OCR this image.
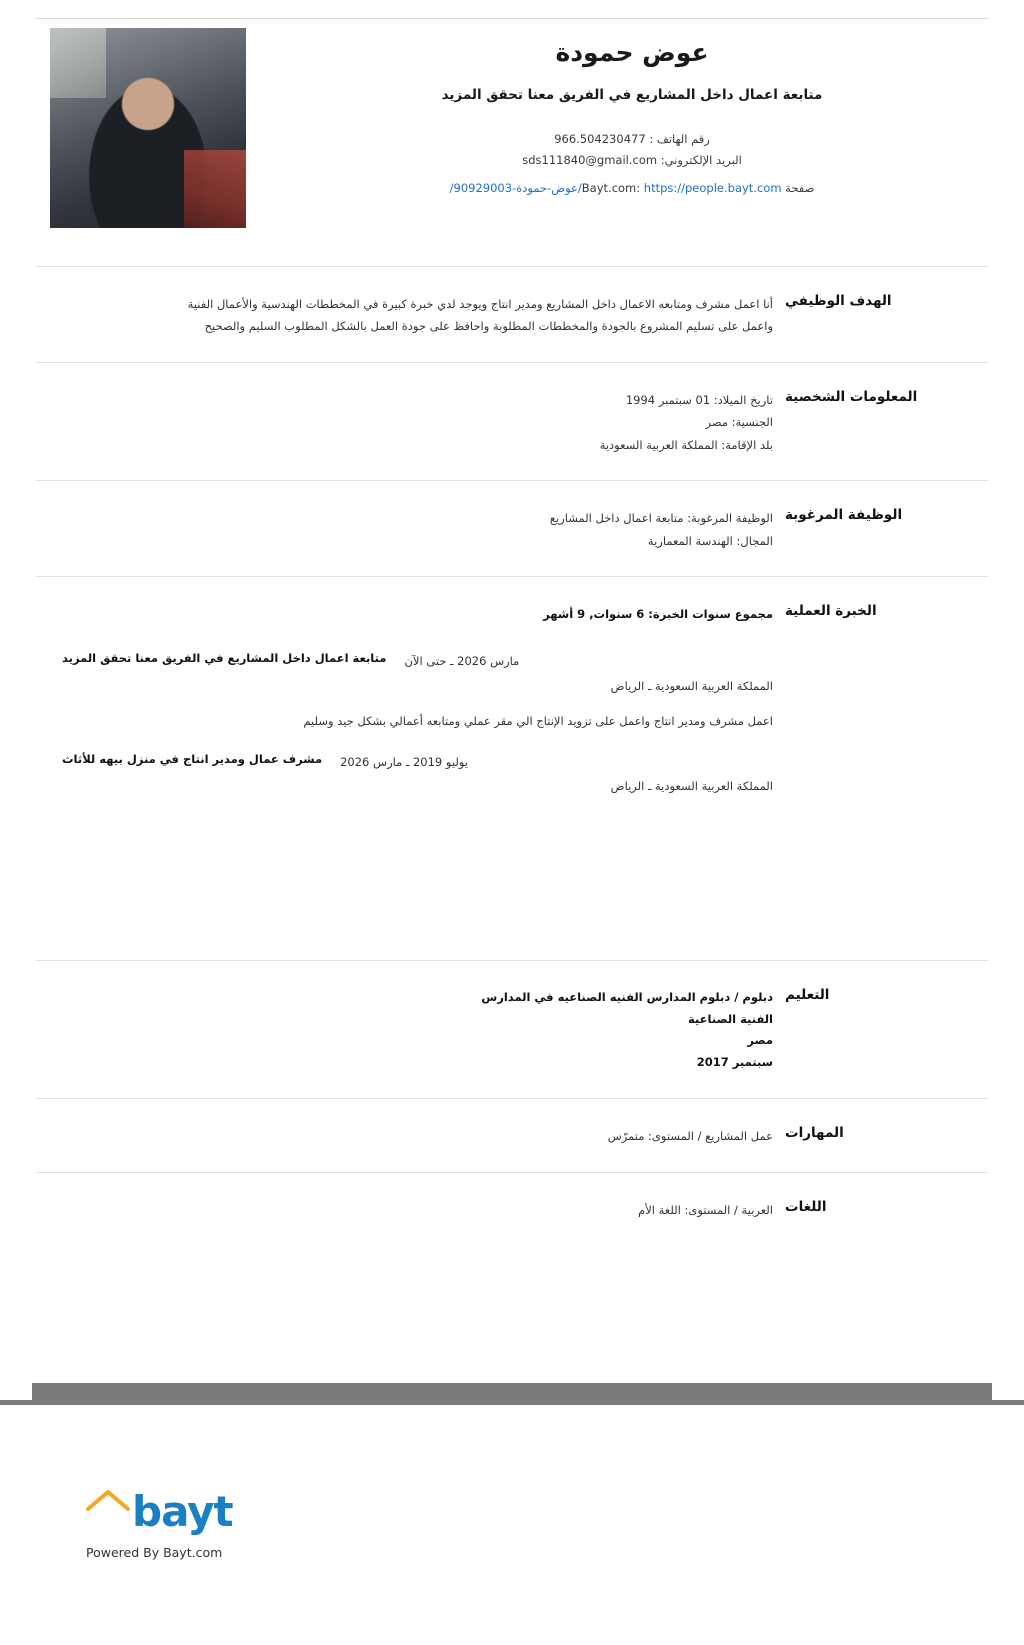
عوض حمودة
متابعة اعمال داخل المشاريع في الفريق معنا تحقق المزيد
رقم الهاتف : 966.504230477
البريد الإلكتروني: sds111840@gmail.com
صفحة Bayt.com: https://people.bayt.com/عوض-حمودة-90929003/
الهدف الوظيفي
أنا اعمل مشرف ومتابعه الاعمال داخل المشاريع ومدير انتاج ويوجد لدي خبرة كبيرة في المخططات الهندسية والأعمال الفنية واعمل على تسليم المشروع بالجودة والمخططات المطلوبة واحافظ على جودة العمل بالشكل المطلوب السليم والصحيح
المعلومات الشخصية
تاريخ الميلاد: 01 سبتمبر 1994
الجنسية: مصر
بلد الإقامة: المملكة العربية السعودية
الوظيفة المرغوبة
الوظيفة المرغوبة: متابعة اعمال داخل المشاريع
المجال: الهندسة المعمارية
الخبرة العملية
مجموع سنوات الخبرة: 6 سنوات, 9 أشهر
متابعة اعمال داخل المشاريع في الفريق معنا تحقق المزيد مارس 2026 ـ حتى الآن
المملكة العربية السعودية ـ الرياض
اعمل مشرف ومدير انتاج واعمل على تزويد الإنتاج الي مقر عملي ومتابعه أعمالي بشكل جيد وسليم
مشرف عمال ومدير انتاج في منزل بيهه للأثاث يوليو 2019 ـ مارس 2026
المملكة العربية السعودية ـ الرياض
التعليم
دبلوم / دبلوم المدارس الفنيه الصناعيه في المدارس
الفنية الصناعية
مصر
سبتمبر 2017
المهارات
عمل المشاريع / المستوى: متمرّس
اللغات
العربية / المستوى: اللغة الأم
bayt
Powered By Bayt.com
